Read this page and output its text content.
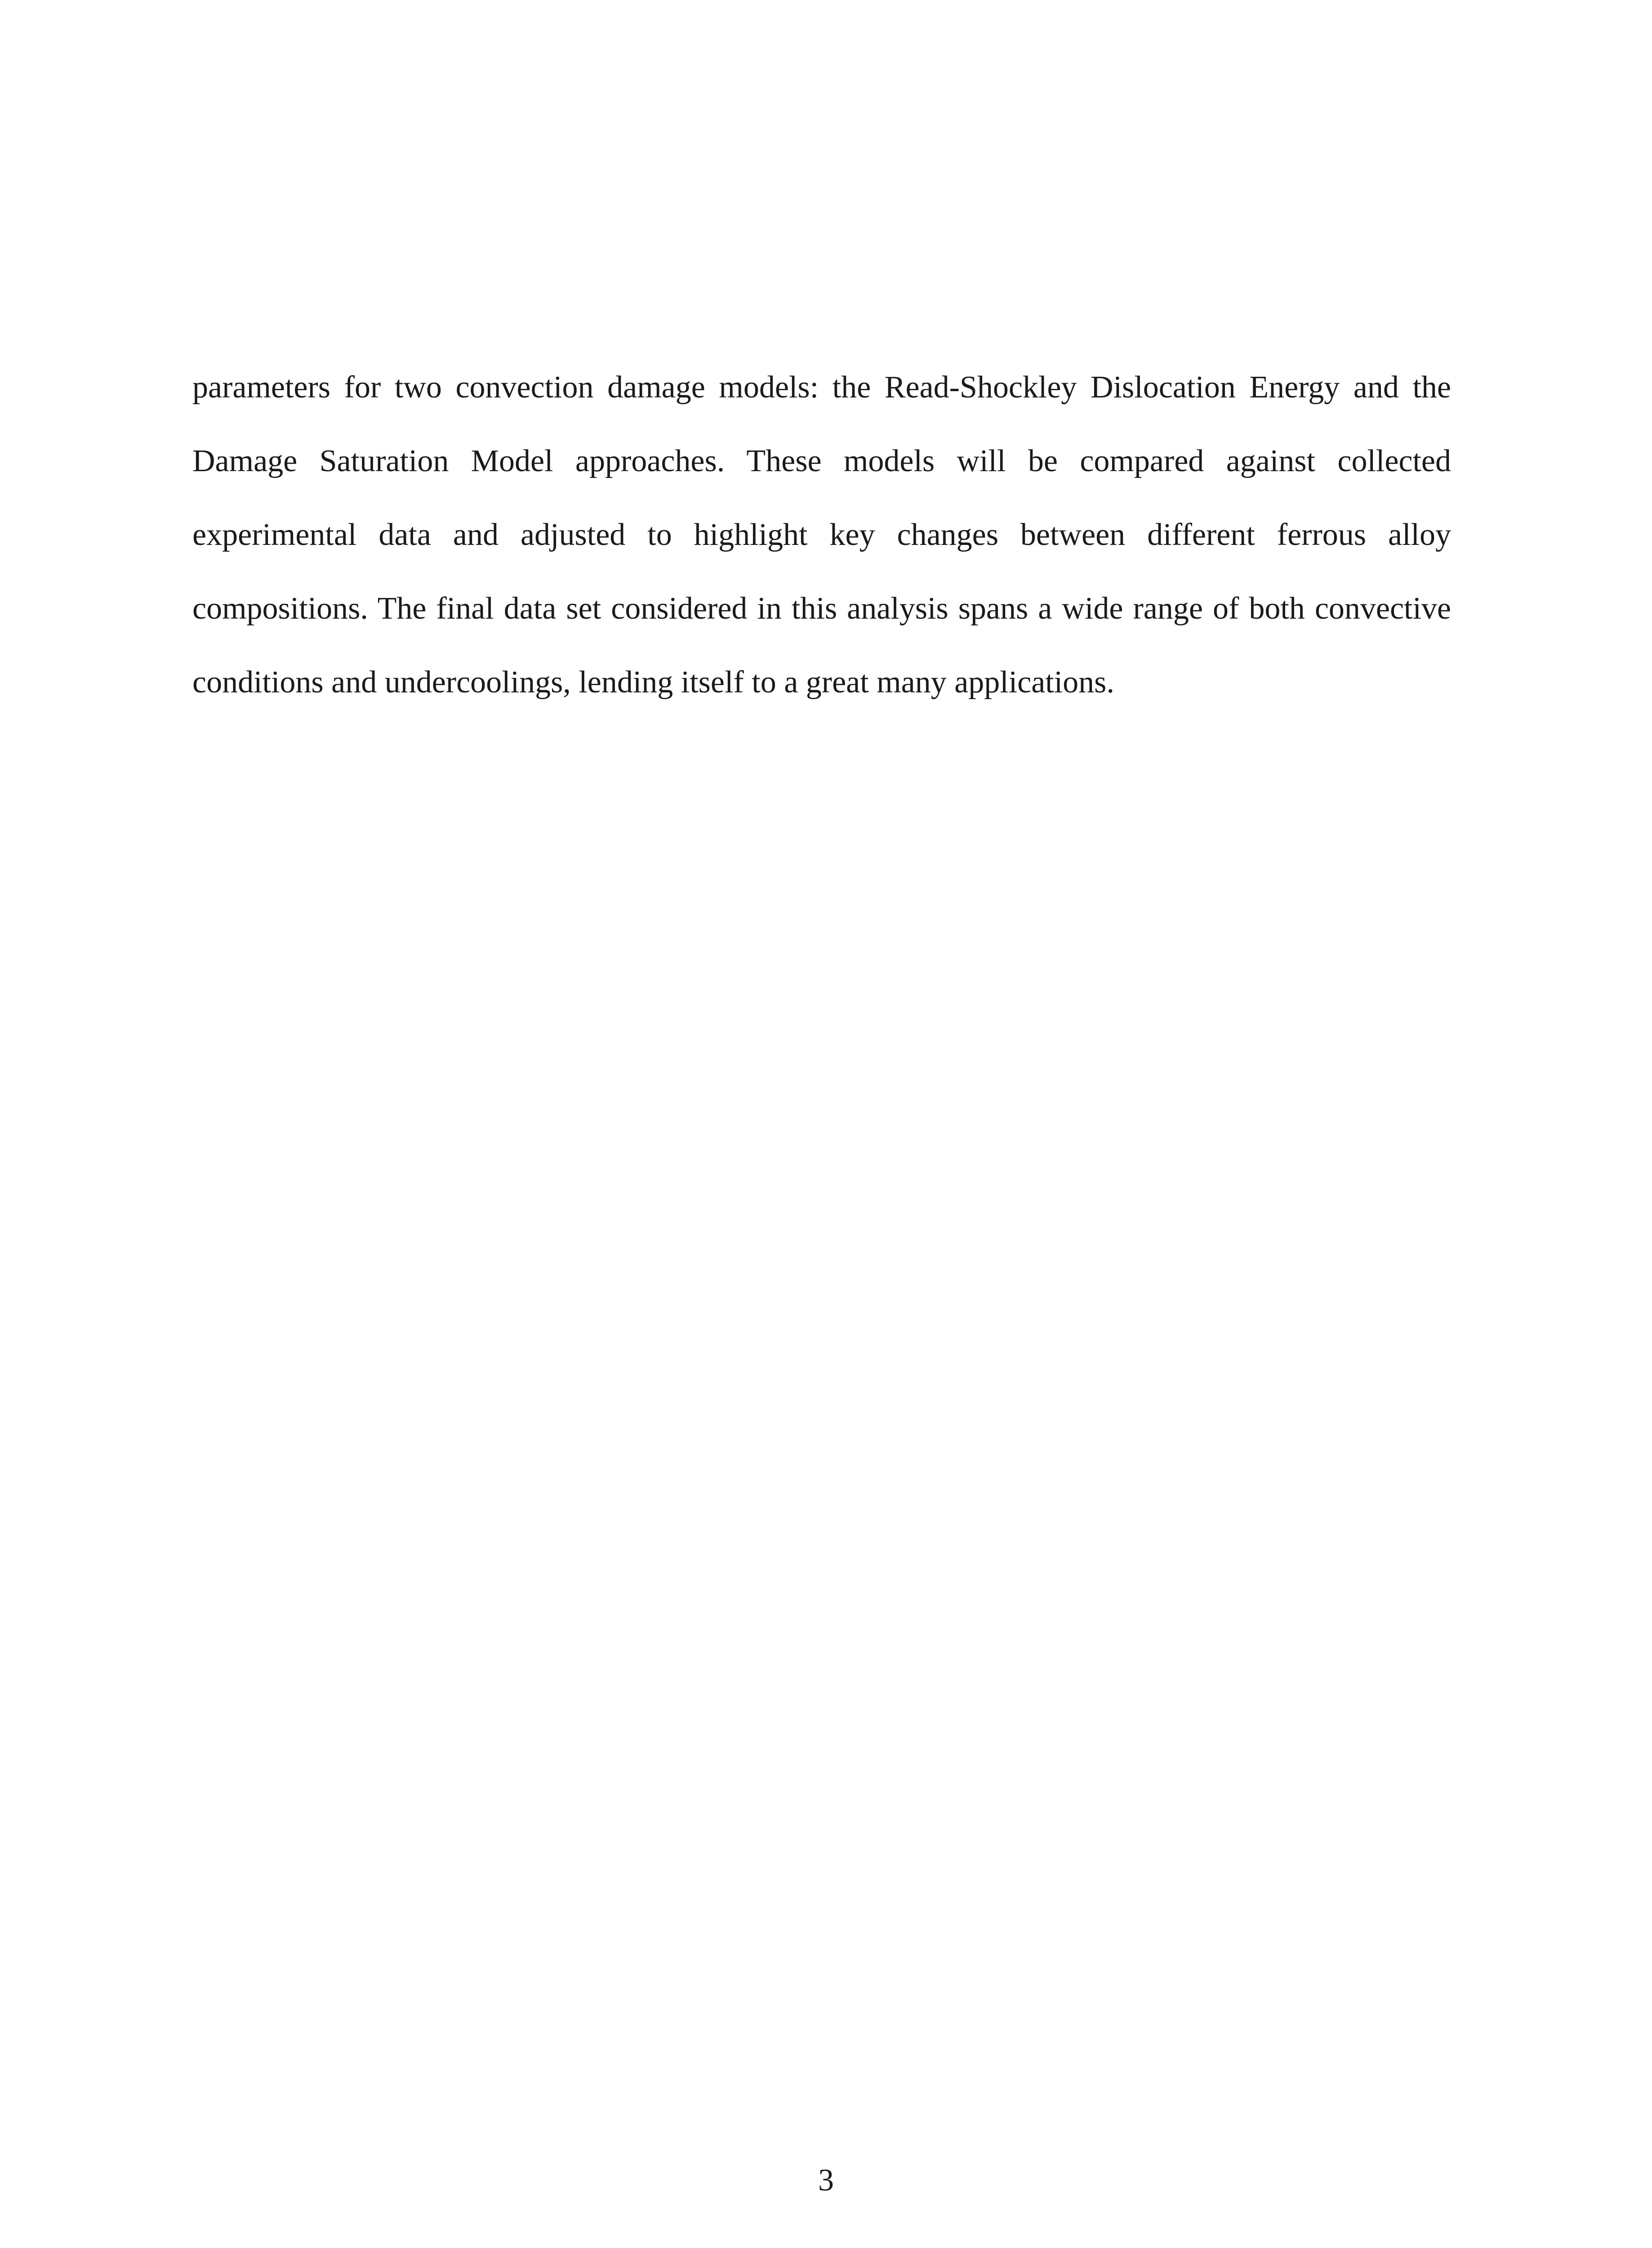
parameters for two convection damage models: the Read-Shockley Dislocation Energy and the
Damage Saturation Model approaches. These models will be compared against collected
experimental data and adjusted to highlight key changes between different ferrous alloy
compositions. The final data set considered in this analysis spans a wide range of both convective
conditions and undercoolings, lending itself to a great many applications.
3
